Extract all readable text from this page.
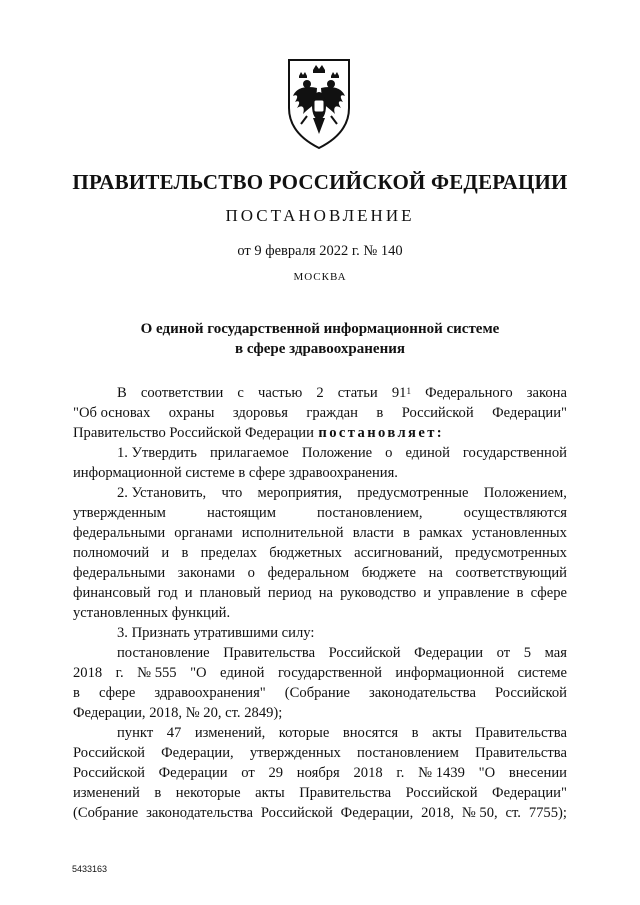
ПРАВИТЕЛЬСТВО РОССИЙСКОЙ ФЕДЕРАЦИИ
ПОСТАНОВЛЕНИЕ
от 9 февраля 2022 г. № 140
МОСКВА
О единой государственной информационной системе
в сфере здравоохранения
В соответствии с частью 2 статьи $91^1$ Федерального закона
"Об основах охраны здоровья граждан в Российской Федерации"
Правительство Российской Федерации постановляет:
1. Утвердить прилагаемое Положение о единой государственной
информационной системе в сфере здравоохранения.
2. Установить, что мероприятия, предусмотренные Положением,
утвержденным	настоящим	постановлением,	осуществляются
федеральными органами исполнительной власти в рамках установленных
полномочий и в пределах бюджетных ассигнований, предусмотренных
федеральными законами о федеральном бюджете на соответствующий
финансовый год и плановый период на руководство и управление в сфере
установленных функций.
3. Признать утратившими силу:
постановление Правительства Российской Федерации от 5 мая
2018 г. № 555 "О единой государственной информационной системе
в сфере здравоохранения" (Собрание законодательства Российской
Федерации, 2018, № 20, ст. 2849);
пункт 47 изменений, которые вносятся в акты Правительства
Российской Федерации, утвержденных постановлением Правительства
Российской Федерации от 29 ноября 2018 г. № 1439 "О внесении
изменений в некоторые акты Правительства Российской Федерации"
(Собрание законодательства Российской Федерации, 2018, № 50, ст. 7755);
5433163
